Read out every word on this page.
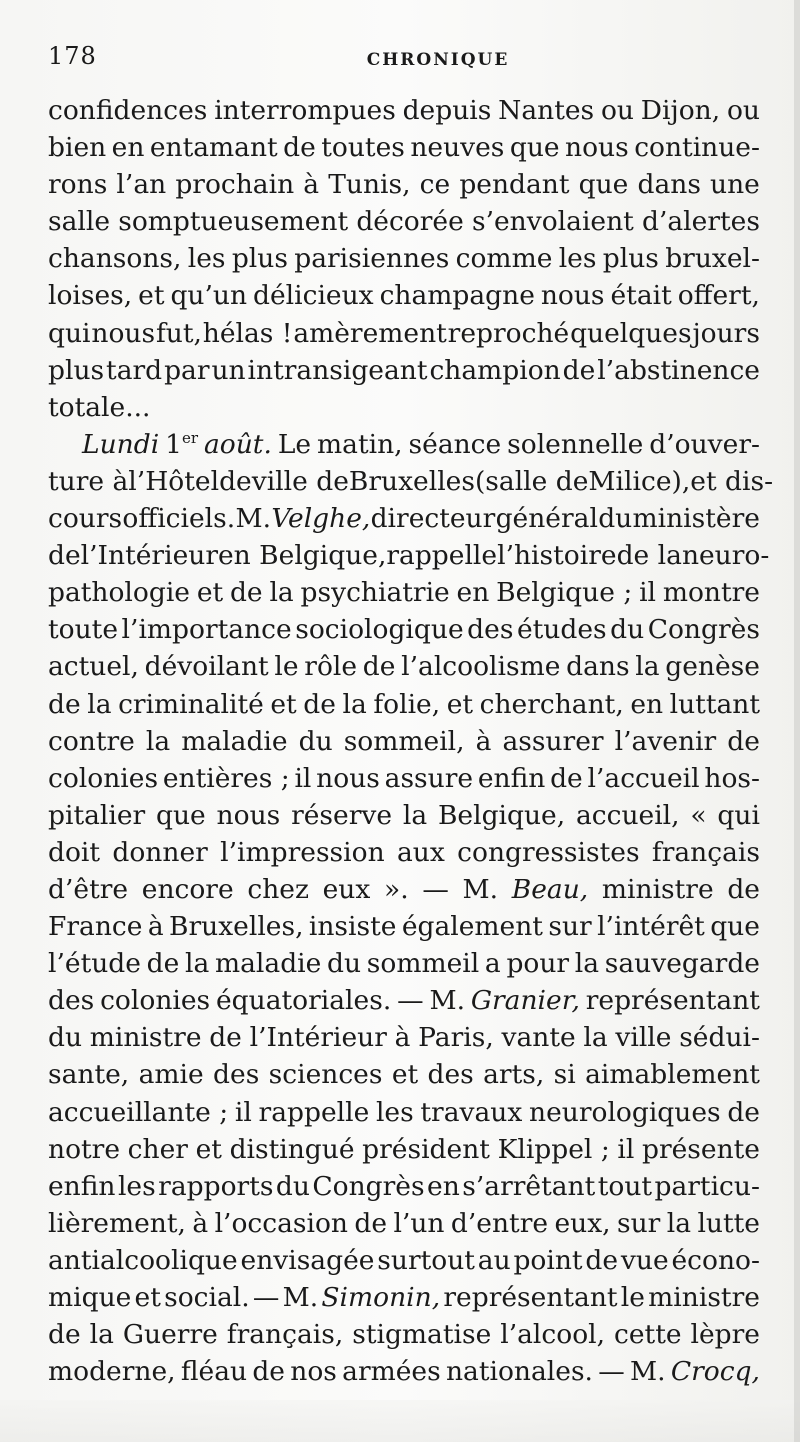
178	CHRONIQUE
confidences interrompues depuis Nantes ou Dijon, ou
bien en entamant de toutes neuves que nous continue-
rons l’an prochain à Tunis, ce pendant que dans une
salle somptueusement décorée s’envolaient d’alertes
chansons, les plus parisiennes comme les plus bruxel-
loises, et qu’un délicieux champagne nous était offert,
qui nous fut, hélas ! amèrement reproché quelques jours
plus tard par un intransigeant champion de l’abstinence
totale...
Lundi 1er août. Le matin, séance solennelle d’ouver-
ture à l’Hôtel de ville de Bruxelles (salle de Milice), et dis-
cours officiels. M. Velghe, directeur général du ministère
de l’Intérieur en Belgique, rappelle l’histoire de la neuro-
pathologie et de la psychiatrie en Belgique ; il montre
toute l’importance sociologique des études du Congrès
actuel, dévoilant le rôle de l’alcoolisme dans la genèse
de la criminalité et de la folie, et cherchant, en luttant
contre la maladie du sommeil, à assurer l’avenir de
colonies entières ; il nous assure enfin de l’accueil hos-
pitalier que nous réserve la Belgique, accueil, « qui
doit donner l’impression aux congressistes français
d’être encore chez eux ». — M. Beau, ministre de
France à Bruxelles, insiste également sur l’intérêt que
l’étude de la maladie du sommeil a pour la sauvegarde
des colonies équatoriales. — M. Granier, représentant
du ministre de l’Intérieur à Paris, vante la ville sédui-
sante, amie des sciences et des arts, si aimablement
accueillante ; il rappelle les travaux neurologiques de
notre cher et distingué président Klippel ; il présente
enfin les rapports du Congrès en s’arrêtant tout particu-
lièrement, à l’occasion de l’un d’entre eux, sur la lutte
antialcoolique envisagée surtout au point de vue écono-
mique et social. — M. Simonin, représentant le ministre
de la Guerre français, stigmatise l’alcool, cette lèpre
moderne, fléau de nos armées nationales. — M. Crocq,
